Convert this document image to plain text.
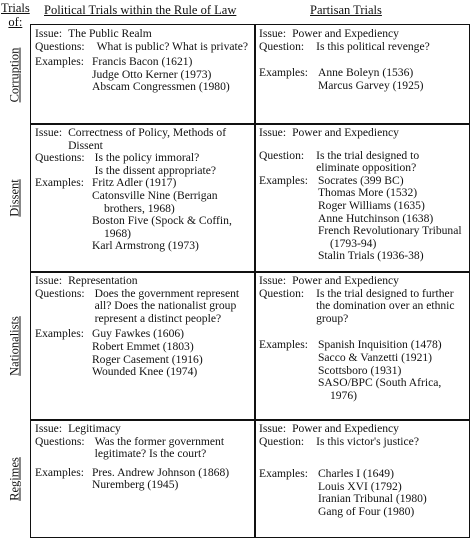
Trials
of:
Political Trials within the Rule of Law	Partisan Trials
Corruption
Issue: The Public Realm
Questions:	What is public? What is private?
Examples: Francis Bacon (1621)
Judge Otto Kerner (1973)
Abscam Congressmen (1980)
Issue: Power and Expediency
Question:	Is this political revenge?
Examples: Anne Boleyn (1536)
Marcus Garvey (1925)
Dissent
Issue: Correctness of Policy, Methods of Dissent
Questions: Is the policy immoral?
Is the dissent appropriate?
Examples: Fritz Adler (1917)
Catonsville Nine (Berrigan brothers, 1968)
Boston Five (Spock & Coffin, 1968)
Karl Armstrong (1973)
Issue: Power and Expediency
Question:	Is the trial designed to eliminate opposition?
Examples: Socrates (399 BC)
Thomas More (1532)
Roger Williams (1635)
Anne Hutchinson (1638)
French Revolutionary Tribunal (1793-94)
Stalin Trials (1936-38)
Nationalists
Issue: Representation
Questions: Does the government represent all? Does the nationalist group represent a distinct people?
Examples: Guy Fawkes (1606)
Robert Emmet (1803)
Roger Casement (1916)
Wounded Knee (1974)
Issue: Power and Expediency
Question:	Is the trial designed to further the domination over an ethnic group?
Examples: Spanish Inquisition (1478)
Sacco & Vanzetti (1921)
Scottsboro (1931)
SASO/BPC (South Africa, 1976)
Regimes
Issue: Legitimacy
Questions: Was the former government legitimate? Is the court?
Examples: Pres. Andrew Johnson (1868)
Nuremberg (1945)
Issue: Power and Expediency
Question:	Is this victor's justice?
Examples: Charles I (1649)
Louis XVI (1792)
Iranian Tribunal (1980)
Gang of Four (1980)
